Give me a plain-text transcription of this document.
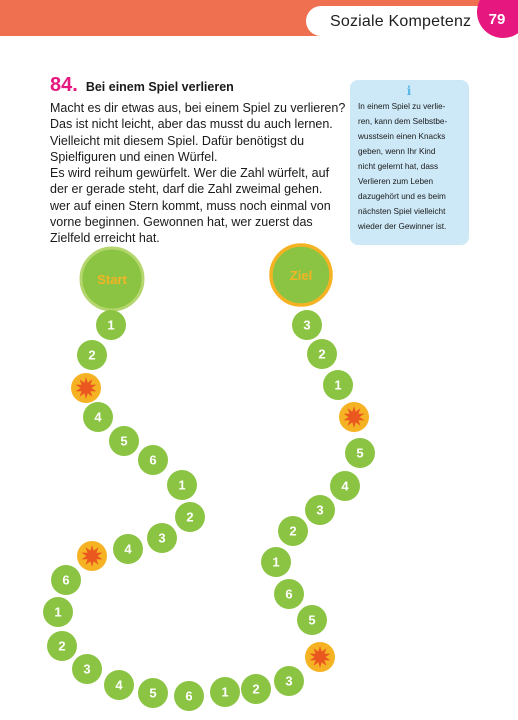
Soziale Kompetenz	79
84. Bei einem Spiel verlieren
Macht es dir etwas aus, bei einem Spiel zu verlieren?
Das ist nicht leicht, aber das musst du auch lernen.
Vielleicht mit diesem Spiel. Dafür benötigst du
Spielfiguren und einen Würfel.
Es wird reihum gewürfelt. Wer die Zahl würfelt, auf
der er gerade steht, darf die Zahl zweimal gehen.
wer auf einen Stern kommt, muss noch einmal von
vorne beginnen. Gewonnen hat, wer zuerst das
Zielfeld erreicht hat.
i
In einem Spiel zu verlie-
ren, kann dem Selbstbe-
wusstsein einen Knacks
geben, wenn Ihr Kind
nicht gelernt hat, dass
Verlieren zum Leben
dazugehört und es beim
nächsten Spiel vielleicht
wieder der Gewinner ist.
Start	Ziel
1
2
4
5
6
1
2
3
4
6
1
2
3
4
5 6 1 2
3
5
6
1
2
3
4
5
1
2
3
